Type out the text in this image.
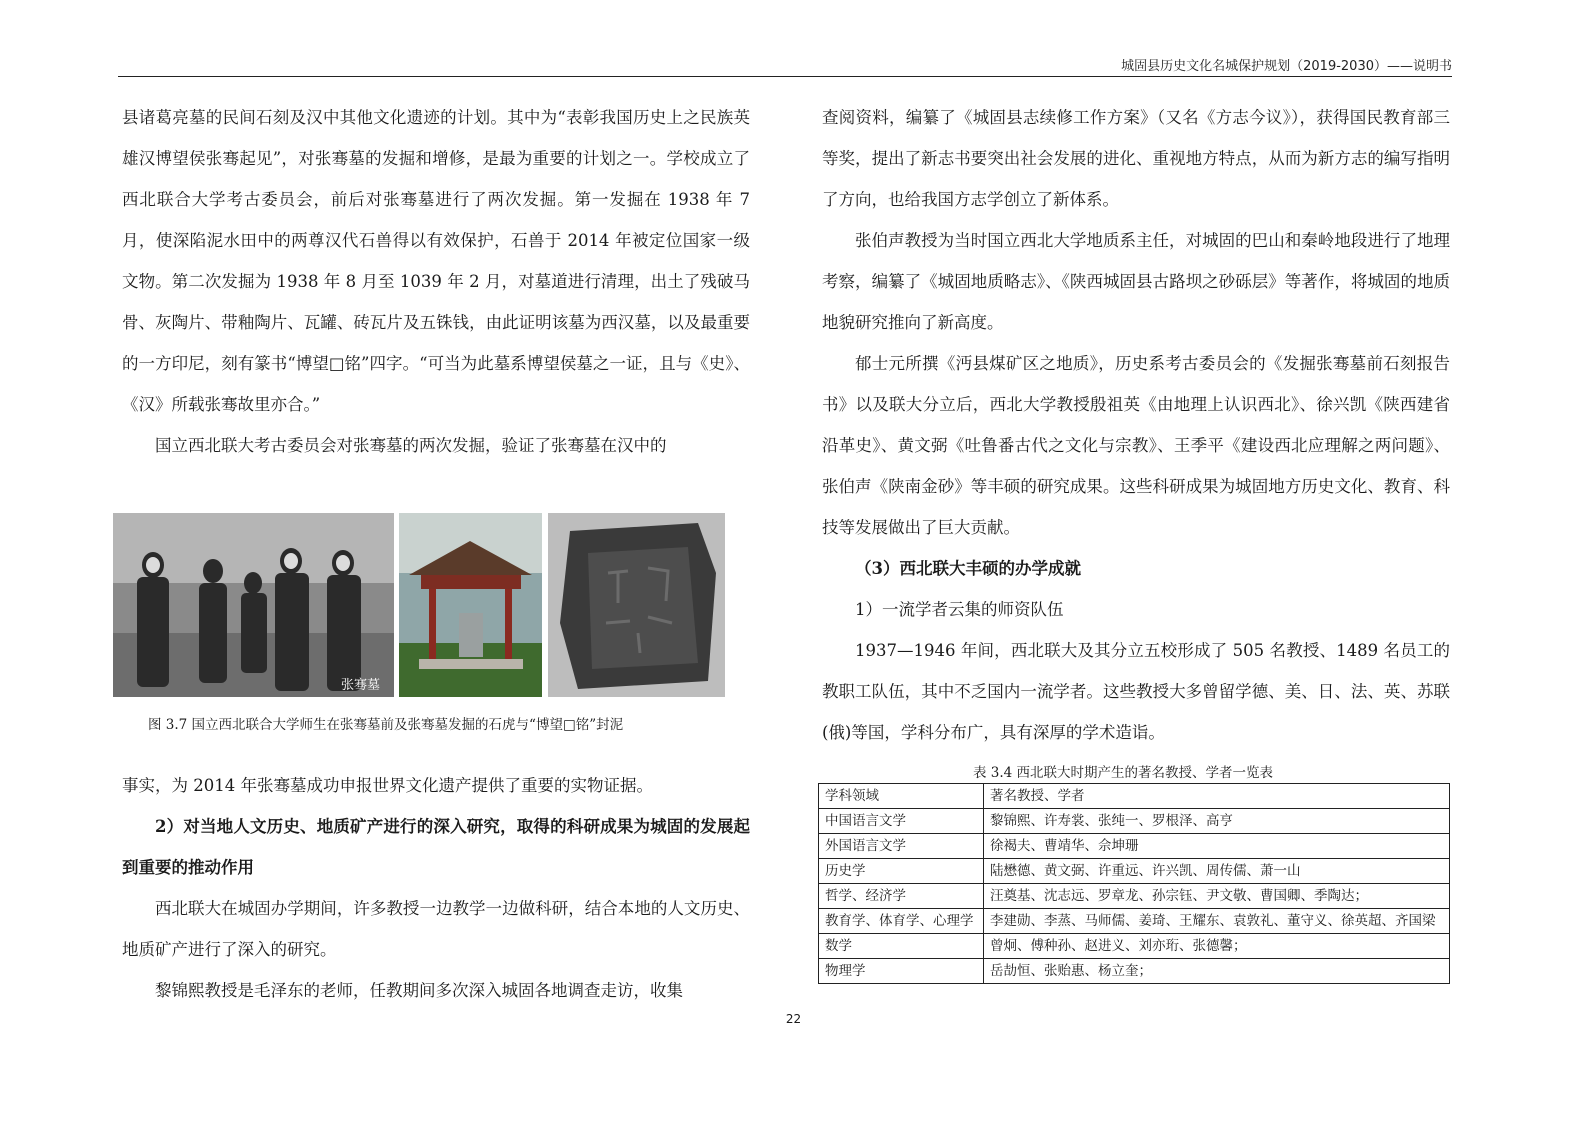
城固县历史文化名城保护规划（2019-2030）——说明书

县诸葛亮墓的民间石刻及汉中其他文化遗迹的计划。其中为“表彰我国历史上之民族英雄汉博望侯张骞起见”，对张骞墓的发掘和增修，是最为重要的计划之一。学校成立了西北联合大学考古委员会，前后对张骞墓进行了两次发掘。第一发掘在 1938 年 7 月，使深陷泥水田中的两尊汉代石兽得以有效保护，石兽于 2014 年被定位国家一级文物。第二次发掘为 1938 年 8 月至 1039 年 2 月，对墓道进行清理，出土了残破马骨、灰陶片、带釉陶片、瓦罐、砖瓦片及五铢钱，由此证明该墓为西汉墓，以及最重要的一方印尼，刻有篆书“博望□铭”四字。“可当为此墓系博望侯墓之一证，且与《史》、《汉》所载张骞故里亦合。”

国立西北联大考古委员会对张骞墓的两次发掘，验证了张骞墓在汉中的

张骞墓
图 3.7 国立西北联合大学师生在张骞墓前及张骞墓发掘的石虎与“博望□铭”封泥

事实，为 2014 年张骞墓成功申报世界文化遗产提供了重要的实物证据。

2）对当地人文历史、地质矿产进行的深入研究，取得的科研成果为城固的发展起到重要的推动作用

西北联大在城固办学期间，许多教授一边教学一边做科研，结合本地的人文历史、地质矿产进行了深入的研究。

黎锦熙教授是毛泽东的老师，任教期间多次深入城固各地调查走访，收集

查阅资料，编纂了《城固县志续修工作方案》（又名《方志今议》），获得国民教育部三等奖，提出了新志书要突出社会发展的进化、重视地方特点，从而为新方志的编写指明了方向，也给我国方志学创立了新体系。

张伯声教授为当时国立西北大学地质系主任，对城固的巴山和秦岭地段进行了地理考察，编纂了《城固地质略志》、《陕西城固县古路坝之砂砾层》等著作，将城固的地质地貌研究推向了新高度。

郁士元所撰《沔县煤矿区之地质》，历史系考古委员会的《发掘张骞墓前石刻报告书》以及联大分立后，西北大学教授殷祖英《由地理上认识西北》、徐兴凯《陕西建省沿革史》、黄文弼《吐鲁番古代之文化与宗教》、王季平《建设西北应理解之两问题》、张伯声《陕南金砂》等丰硕的研究成果。这些科研成果为城固地方历史文化、教育、科技等发展做出了巨大贡献。

（3）西北联大丰硕的办学成就

1）一流学者云集的师资队伍

1937—1946 年间，西北联大及其分立五校形成了 505 名教授、1489 名员工的教职工队伍，其中不乏国内一流学者。这些教授大多曾留学德、美、日、法、英、苏联(俄)等国，学科分布广，具有深厚的学术造诣。

表 3.4 西北联大时期产生的著名教授、学者一览表
学科领域	著名教授、学者
中国语言文学	黎锦熙、许寿裳、张纯一、罗根泽、高亨
外国语言文学	徐褐夫、曹靖华、佘坤珊
历史学	陆懋德、黄文弼、许重远、许兴凯、周传儒、萧一山
哲学、经济学	汪奠基、沈志远、罗章龙、孙宗钰、尹文敬、曹国卿、季陶达；
教育学、体育学、心理学	李建勋、李蒸、马师儒、姜琦、王耀东、袁敦礼、董守义、徐英超、齐国梁
数学	曾炯、傅种孙、赵进义、刘亦珩、张德馨；
物理学	岳劼恒、张贻惠、杨立奎；
22
